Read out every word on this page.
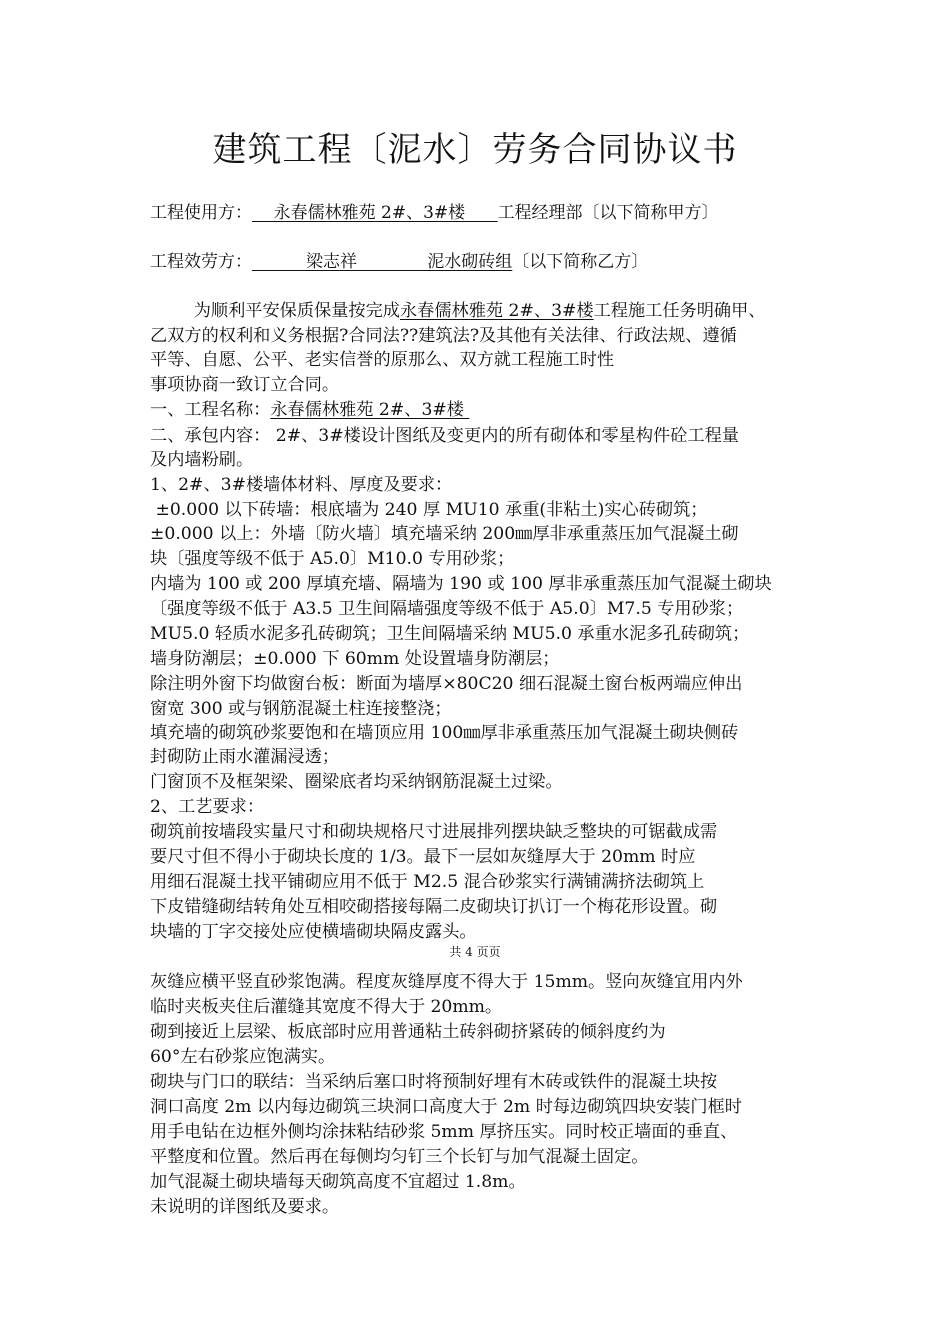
建筑工程〔泥水〕劳务合同协议书
工程使用方：    永春儒林雅苑 2#、3#楼      工程经理部〔以下简称甲方〕
工程效劳方：          梁志祥             泥水砌砖组〔以下简称乙方〕
为顺利平安保质保量按完成永春儒林雅苑 2#、3#楼工程施工任务明确甲、
乙双方的权利和义务根据?合同法??建筑法?及其他有关法律、行政法规、遵循
平等、自愿、公平、老实信誉的原那么、双方就工程施工时性
事项协商一致订立合同。
一、工程名称：永春儒林雅苑 2#、3#楼
二、承包内容： 2#、3#楼设计图纸及变更内的所有砌体和零星构件砼工程量
及内墙粉刷。
1、2#、3#楼墙体材料、厚度及要求：
±0.000 以下砖墙：根底墙为 240 厚 MU10 承重(非粘土)实心砖砌筑；
±0.000 以上：外墙〔防火墙〕填充墙采纳 200㎜厚非承重蒸压加气混凝土砌
块〔强度等级不低于 A5.0〕M10.0 专用砂浆；
内墙为 100 或 200 厚填充墙、隔墙为 190 或 100 厚非承重蒸压加气混凝土砌块
〔强度等级不低于 A3.5 卫生间隔墙强度等级不低于 A5.0〕M7.5 专用砂浆；
MU5.0 轻质水泥多孔砖砌筑；卫生间隔墙采纳 MU5.0 承重水泥多孔砖砌筑；
墙身防潮层；±0.000 下 60mm 处设置墙身防潮层；
除注明外窗下均做窗台板：断面为墙厚×80C20 细石混凝土窗台板两端应伸出
窗宽 300 或与钢筋混凝土柱连接整浇；
填充墙的砌筑砂浆要饱和在墙顶应用 100㎜厚非承重蒸压加气混凝土砌块侧砖
封砌防止雨水灌漏浸透；
门窗顶不及框架梁、圈梁底者均采纳钢筋混凝土过梁。
2、工艺要求：
砌筑前按墙段实量尺寸和砌块规格尺寸进展排列摆块缺乏整块的可锯截成需
要尺寸但不得小于砌块长度的 1/3。最下一层如灰缝厚大于 20mm 时应
用细石混凝土找平铺砌应用不低于 M2.5 混合砂浆实行满铺满挤法砌筑上
下皮错缝砌结转角处互相咬砌搭接每隔二皮砌块订扒订一个梅花形设置。砌
块墙的丁字交接处应使横墙砌块隔皮露头。
共 4 页页
灰缝应横平竖直砂浆饱满。程度灰缝厚度不得大于 15mm。竖向灰缝宜用内外
临时夹板夹住后灌缝其宽度不得大于 20mm。
砌到接近上层梁、板底部时应用普通粘土砖斜砌挤紧砖的倾斜度约为
60°左右砂浆应饱满实。
砌块与门口的联结：当采纳后塞口时将预制好埋有木砖或铁件的混凝土块按
洞口高度 2m 以内每边砌筑三块洞口高度大于 2m 时每边砌筑四块安装门框时
用手电钻在边框外侧均涂抹粘结砂浆 5mm 厚挤压实。同时校正墙面的垂直、
平整度和位置。然后再在每侧均匀钉三个长钉与加气混凝土固定。
加气混凝土砌块墙每天砌筑高度不宜超过 1.8m。
未说明的详图纸及要求。
